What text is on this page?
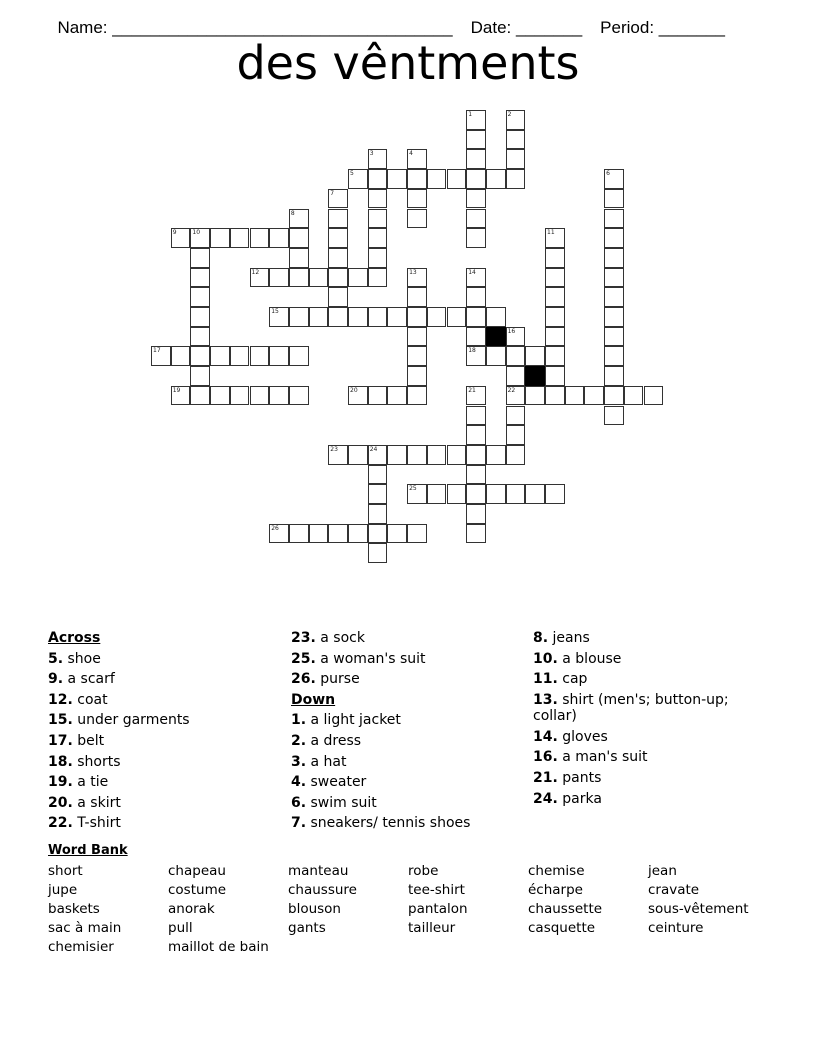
Name: ____________________________________ Date: _______ Period: _______

des vêntments
1	2
3	4
5	6
7
8
9	10	11
12	13	14
18
15
16
22
17
19	20	21
23	24
25
26
Across
5. shoe
9. a scarf
12. coat
15. under garments
17. belt
18. shorts
19. a tie
20. a skirt
22. T-shirt
23. a sock
25. a woman's suit
26. purse
Down
1. a light jacket
2. a dress
3. a hat
4. sweater
6. swim suit
7. sneakers/ tennis shoes
8. jeans
10. a blouse
11. cap
13. shirt (men's; button-up; collar)
14. gloves
16. a man's suit
21. pants
24. parka
Word Bank
short
jupe
baskets
sac à main
chemisier
chapeau
costume
anorak
pull
maillot de bain
manteau
chaussure
blouson
gants
robe
tee-shirt
pantalon
tailleur
chemise
écharpe
chaussette
casquette
jean
cravate
sous-vêtement
ceinture
